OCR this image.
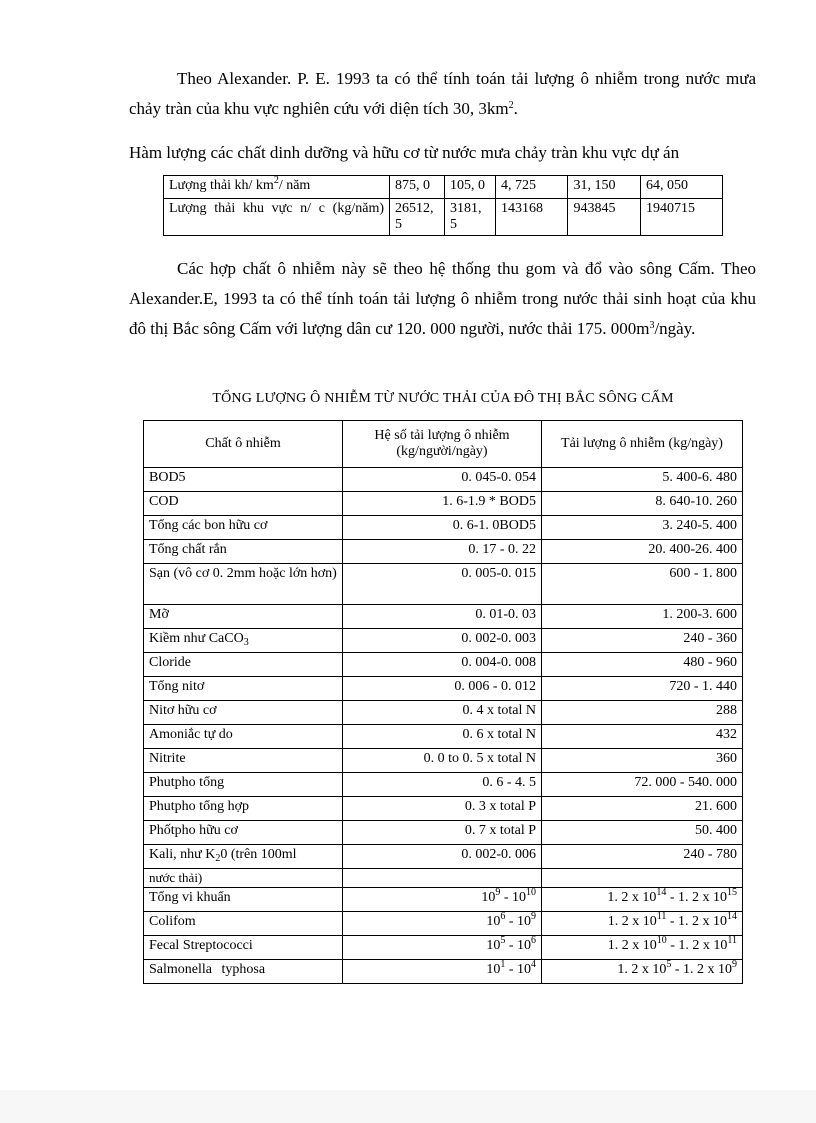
Theo Alexander. P. E. 1993 ta có thể tính toán tải lượng ô nhiễm trong nước mưa chảy tràn của khu vực nghiên cứu với diện tích 30, $3km^2$.

Hàm lượng các chất dinh dưỡng và hữu cơ từ nước mưa chảy tràn khu vực dự án

Lượng thải kh/ $km^2/$ năm	875, 0	105, 0	4, 725	31, 150	64, 050
Lượng thải khu vực n/ c (kg/năm)	26512, 5	3181, 5	143168	943845	1940715

Các hợp chất ô nhiễm này sẽ theo hệ thống thu gom và đổ vào sông Cấm. Theo Alexander.E, 1993 ta có thể tính toán tải lượng ô nhiễm trong nước thải sinh hoạt của khu đô thị Bắc sông Cấm với lượng dân cư 120. 000 người, nước thải 175. $000m^3$/ngày.

TỔNG LƯỢNG Ô NHIỄM TỪ NƯỚC THẢI CỦA ĐÔ THỊ BẮC SÔNG CẤM

Chất ô nhiễm	Hệ số tải lượng ô nhiễm (kg/người/ngày)	Tải lượng ô nhiễm (kg/ngày)
BOD5	0. 045-0. 054	5. 400-6. 480
COD	1. 6-1.9 * BOD5	8. 640-10. 260
Tổng các bon hữu cơ	0. 6-1. 0BOD5	3. 240-5. 400
Tổng chất rắn	0. 17 - 0. 22	20. 400-26. 400
Sạn (vô cơ 0. 2mm hoặc lớn hơn)	0. 005-0. 015	600 - 1. 800
Mỡ	0. 01-0. 03	1. 200-3. 600
Kiềm như CaCO$_3$	0. 002-0. 003	240 - 360
Cloride	0. 004-0. 008	480 - 960
Tổng nitơ	0. 006 - 0. 012	720 - 1. 440
Nitơ hữu cơ	0. 4 x total N	288
Amoniắc tự do	0. 6 x total N	432
Nitrite	0. 0 to 0. 5 x total N	360
Phutpho tổng	0. 6 - 4. 5	72. 000 - 540. 000
Phutpho tổng hợp	0. 3 x total P	21. 600
Phốtpho hữu cơ	0. 7 x total P	50. 400
Kali, như $K_20$ (trên 100ml	0. 002-0. 006	240 - 780
nước thải)		
Tổng vi khuẩn	$10^9 - 10^{10}$	1. 2 x $10^{14} - 1$. 2 x $10^{15}$
Colifom	$10^6 - 10^9$	1. 2 x $10^{11} - 1$. 2 x $10^{14}$
Fecal Streptococci	$10^5 - 10^6$	1. 2 x $10^{10} - 1$. 2 x $10^{11}$
Salmonella typhosa	$10^1 - 10^4$	1. 2 x $10^5 - 1$. 2 x $10^9$
